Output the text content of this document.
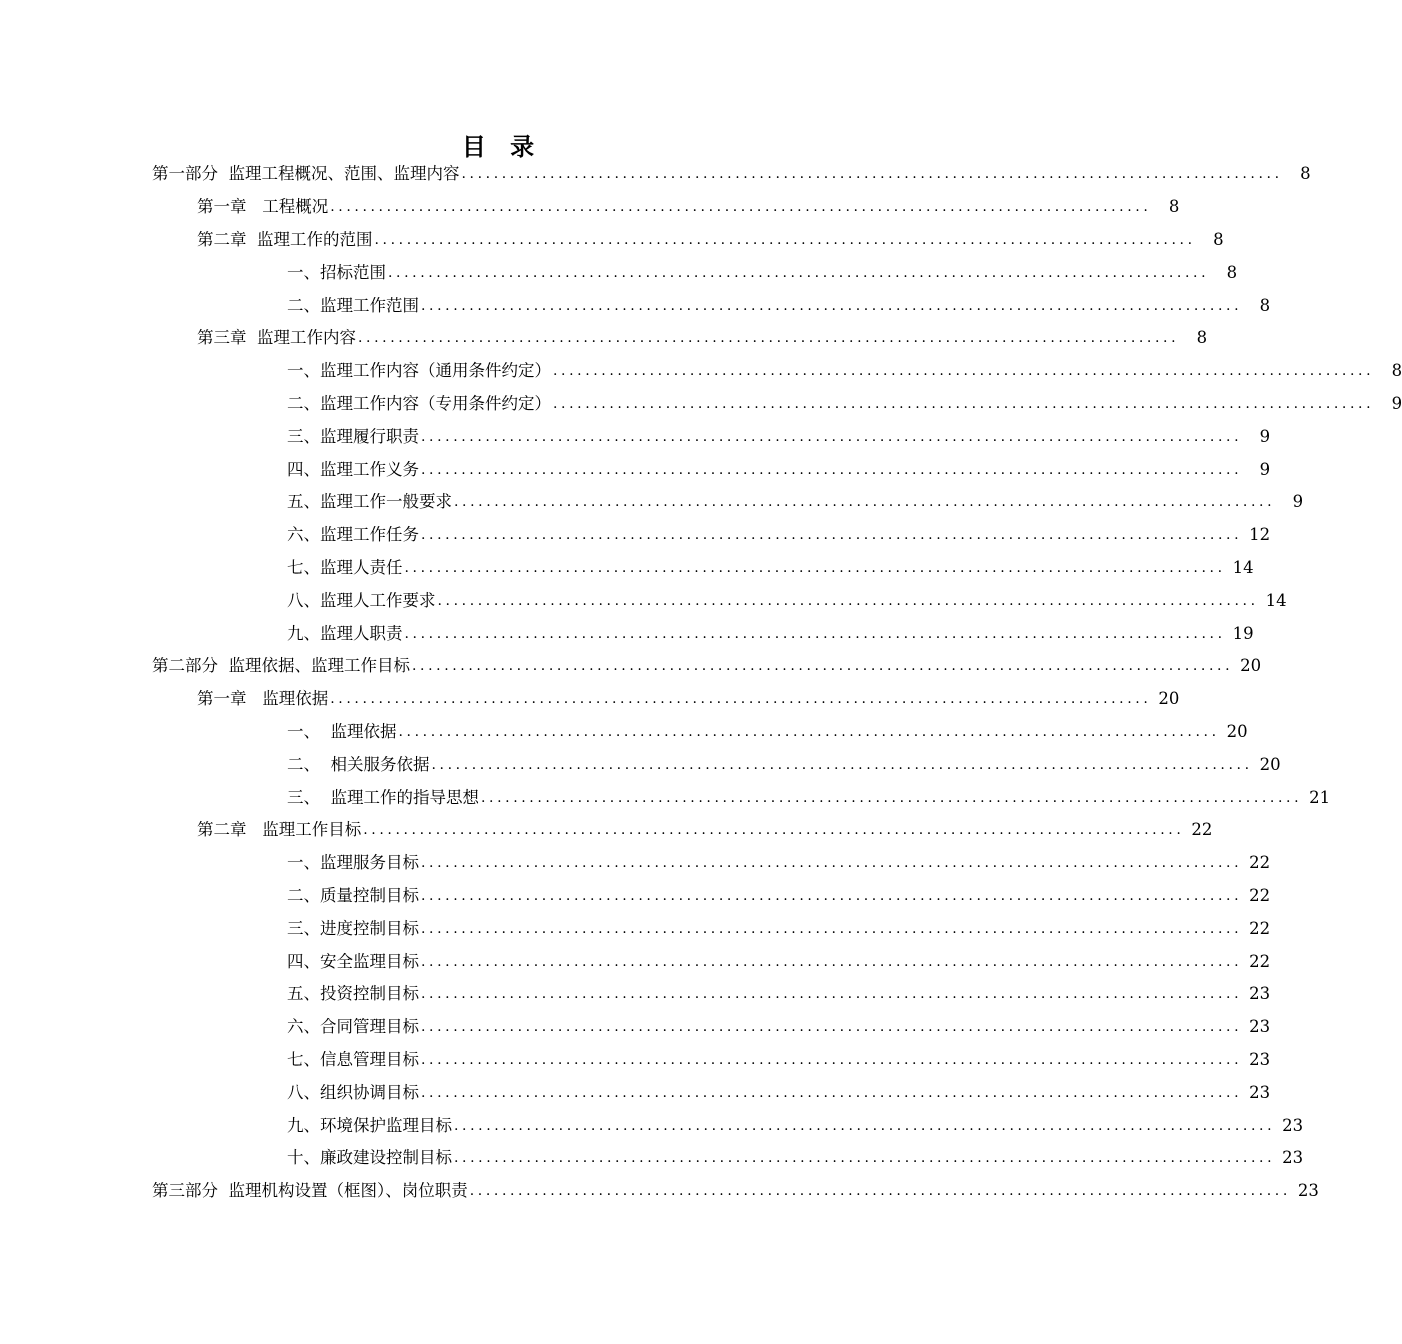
目 录
第一部分  监理工程概况、范围、监理内容 ......................................................................................................	8
第一章   工程概况 ......................................................................................................	8
第二章  监理工作的范围 ......................................................................................................	8
一、招标范围 ......................................................................................................	8
二、监理工作范围 ......................................................................................................	8
第三章  监理工作内容 ......................................................................................................	8
一、监理工作内容（通用条件约定） ......................................................................................................	8
二、监理工作内容（专用条件约定） ......................................................................................................	9
三、监理履行职责 ......................................................................................................	9
四、监理工作义务 ......................................................................................................	9
五、监理工作一般要求 ......................................................................................................	9
六、监理工作任务 ...................................................................................................... 12
七、监理人责任 ...................................................................................................... 14
八、监理人工作要求 ...................................................................................................... 14
九、监理人职责 ...................................................................................................... 19
第二部分  监理依据、监理工作目标 ...................................................................................................... 20
第一章   监理依据 ...................................................................................................... 20
一、  监理依据 ...................................................................................................... 20
二、  相关服务依据 ...................................................................................................... 20
三、  监理工作的指导思想 ...................................................................................................... 21
第二章   监理工作目标 ...................................................................................................... 22
一、监理服务目标 ...................................................................................................... 22
二、质量控制目标 ...................................................................................................... 22
三、进度控制目标 ...................................................................................................... 22
四、安全监理目标 ...................................................................................................... 22
五、投资控制目标 ...................................................................................................... 23
六、合同管理目标 ...................................................................................................... 23
七、信息管理目标 ...................................................................................................... 23
八、组织协调目标 ...................................................................................................... 23
九、环境保护监理目标 ...................................................................................................... 23
十、廉政建设控制目标 ...................................................................................................... 23
第三部分  监理机构设置（框图）、岗位职责 ...................................................................................................... 23
